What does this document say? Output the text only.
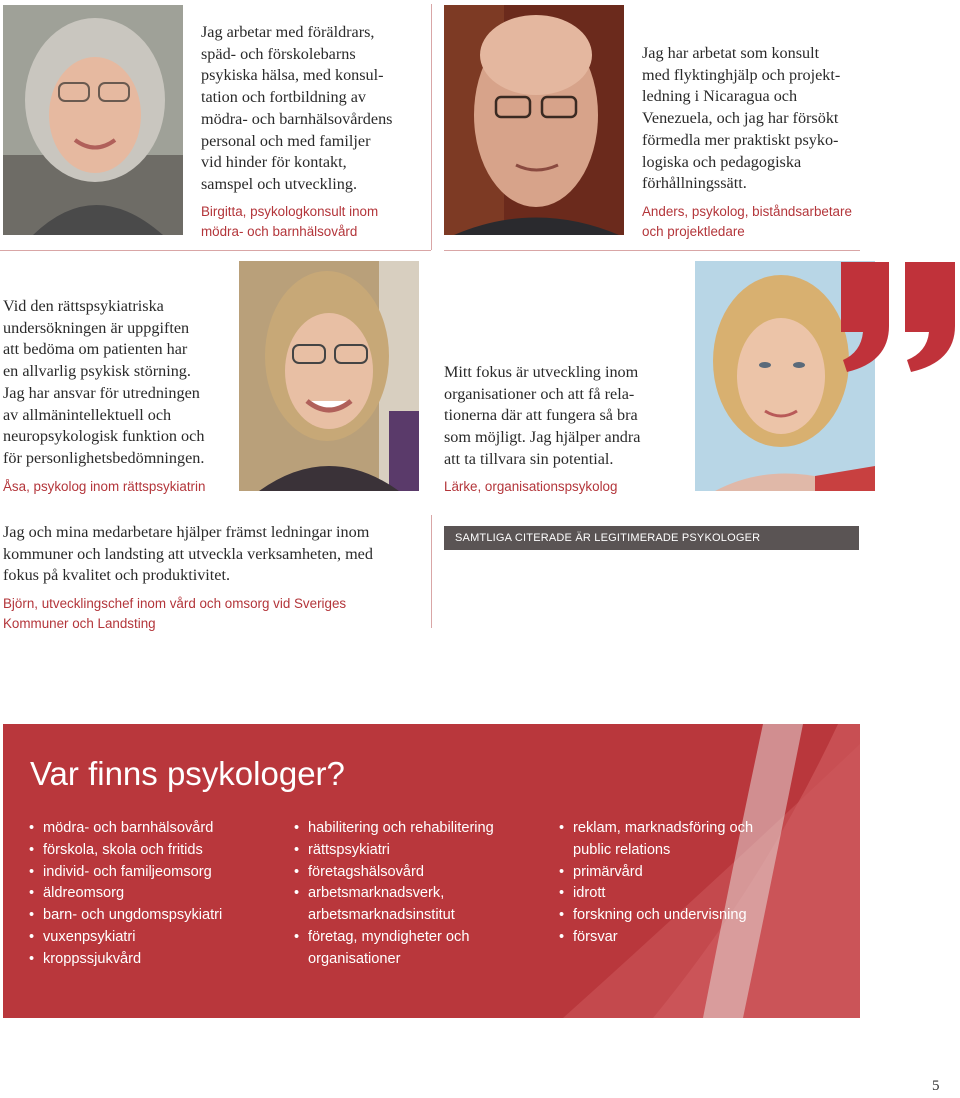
Jag arbetar med föräldrars,
späd- och förskolebarns
psykiska hälsa, med konsul-
tation och fortbildning av
mödra- och barnhälsovårdens
personal och med familjer
vid hinder för kontakt,
samspel och utveckling.
Birgitta, psykologkonsult inom
mödra- och barnhälsovård
Jag har arbetat som konsult
med flyktinghjälp och projekt-
ledning i Nicaragua och
Venezuela, och jag har försökt
förmedla mer praktiskt psyko-
logiska och pedagogiska
förhållningssätt.
Anders, psykolog, biståndsarbetare
och projektledare
Vid den rättspsykiatriska
undersökningen är uppgiften
att bedöma om patienten har
en allvarlig psykisk störning.
Jag har ansvar för utredningen
av allmänintellektuell och
neuropsykologisk funktion och
för personlighetsbedömningen.
Åsa, psykolog inom rättspsykiatrin
Mitt fokus är utveckling inom
organisationer och att få rela-
tionerna där att fungera så bra
som möjligt. Jag hjälper andra
att ta tillvara sin potential.
Lärke, organisationspsykolog
Jag och mina medarbetare hjälper främst ledningar inom
kommuner och landsting att utveckla verksamheten, med
fokus på kvalitet och produktivitet.
Björn, utvecklingschef inom vård och omsorg vid Sveriges
Kommuner och Landsting
SAMTLIGA CITERADE ÄR LEGITIMERADE PSYKOLOGER
Var finns psykologer?
• mödra- och barnhälsovård
• förskola, skola och fritids
• individ- och familjeomsorg
• äldreomsorg
• barn- och ungdomspsykiatri
• vuxenpsykiatri
• kroppssjukvård
• habilitering och rehabilitering
• rättspsykiatri
• företagshälsovård
• arbetsmarknadsverk,
arbetsmarknadsinstitut
• företag, myndigheter och
organisationer
• reklam, marknadsföring och
public relations
• primärvård
• idrott
• forskning och undervisning
• försvar
5
